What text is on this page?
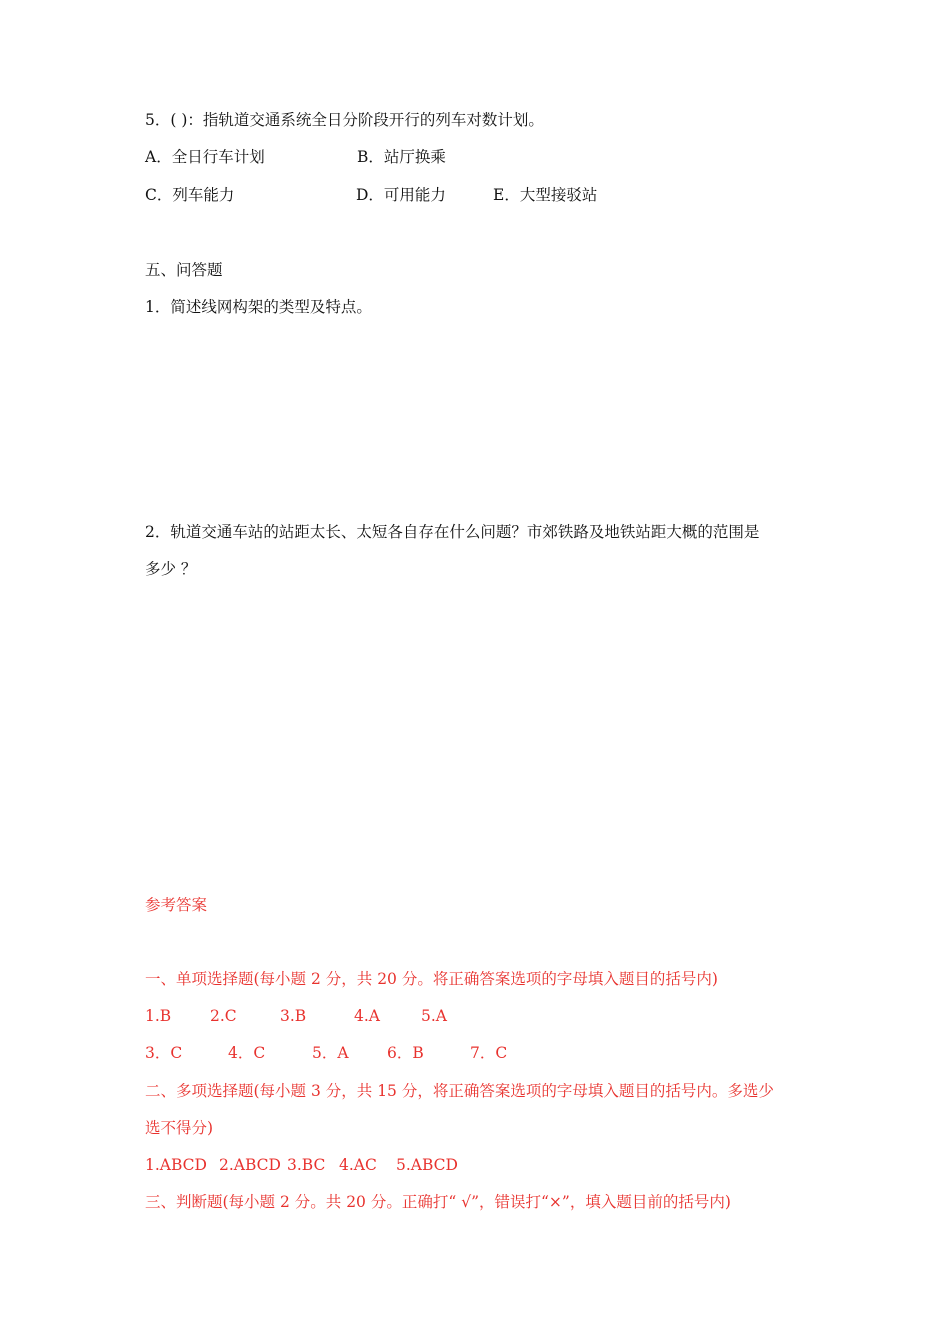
5．( )：指轨道交通系统全日分阶段开行的列车对数计划。
A．全日行车计划	B．站厅换乘
C．列车能力	D．可用能力	E．大型接驳站
五、问答题
1．简述线网构架的类型及特点。
2．轨道交通车站的站距太长、太短各自存在什么问题？市郊铁路及地铁站距大概的范围是
多少 ？
参考答案
一、单项选择题(每小题 2 分，共 20 分。将正确答案选项的字母填入题目的括号内)
1.B	2.C	3.B	4.A	5.A
3．C	4．C	5．A 6．B	7．C
二、多项选择题(每小题 3 分，共 15 分，将正确答案选项的字母填入题目的括号内。多选少
选不得分)
1.ABCD 2.ABCD 3.BC 4.AC 5.ABCD
三、判断题(每小题 2 分。共 20 分。正确打“ √”，错误打“×”，填入题目前的括号内)
